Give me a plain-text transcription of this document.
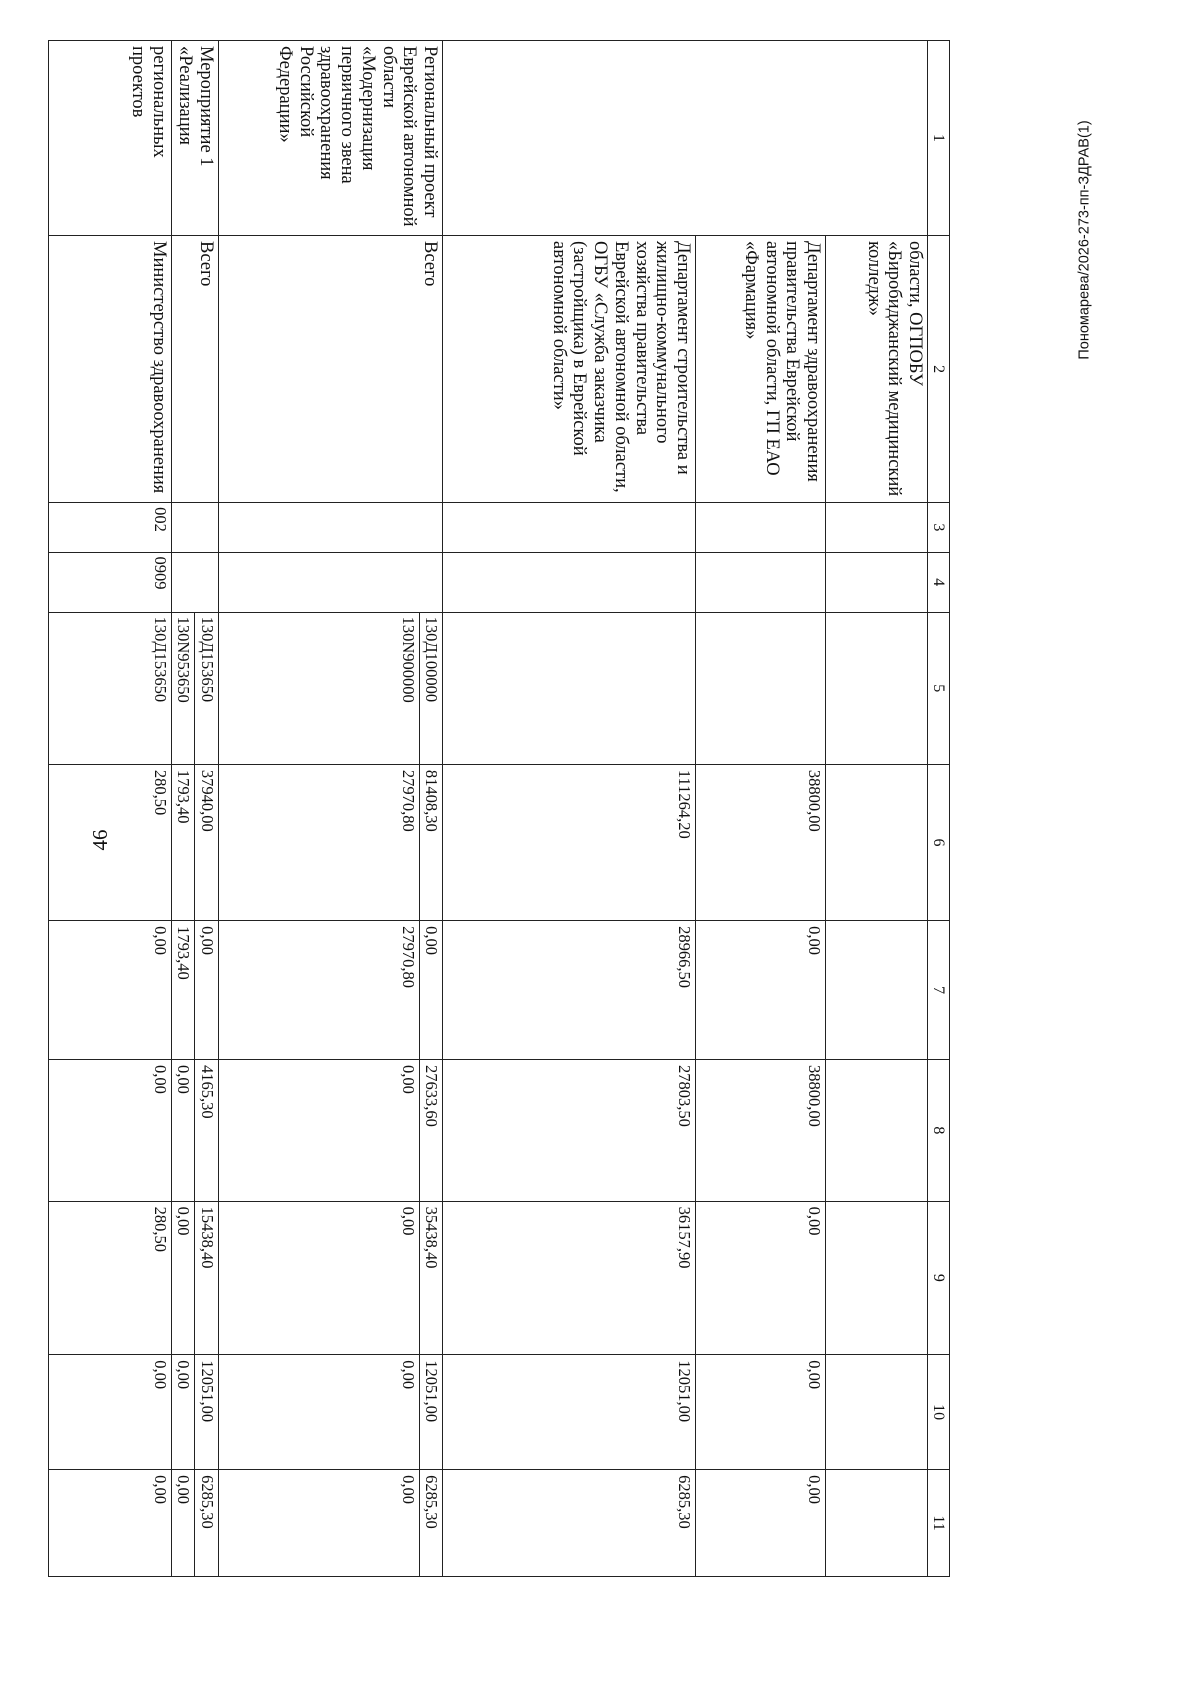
46
Пономарева/2026-273-пп-ЗДРАВ(1)
1	2	3	4	5	6	7	8	9	10	11
	области, ОГПОБУ «Биробиджанский медицинский колледж»									
	Департамент здравоохранения правительства Еврейской автономной области, ГП ЕАО «Фармация»				38800,00	0,00	38800,00	0,00	0,00	0,00
	Департамент строительства и жилищно-коммунального хозяйства правительства Еврейской автономной области, ОГБУ «Служба заказчика (застройщика) в Еврейской автономной области»				111264,20	28966,50	27803,50	36157,90	12051,00	6285,30
Региональный проект Еврейской автономной области «Модернизация первичного звена здравоохранения Российской Федерации»	Всего			130Д100000	81408,30	0,00	27633,60	35438,40	12051,00	6285,30
				130N900000	27970,80	27970,80	0,00	0,00	0,00	0,00
Мероприятие 1 «Реализация	Всего			130Д153650	37940,00	0,00	4165,30	15438,40	12051,00	6285,30
				130N953650	1793,40	1793,40	0,00	0,00	0,00	0,00
региональных проектов	Министерство здравоохранения	002	0909	130Д153650	280,50	0,00	0,00	280,50	0,00	0,00
